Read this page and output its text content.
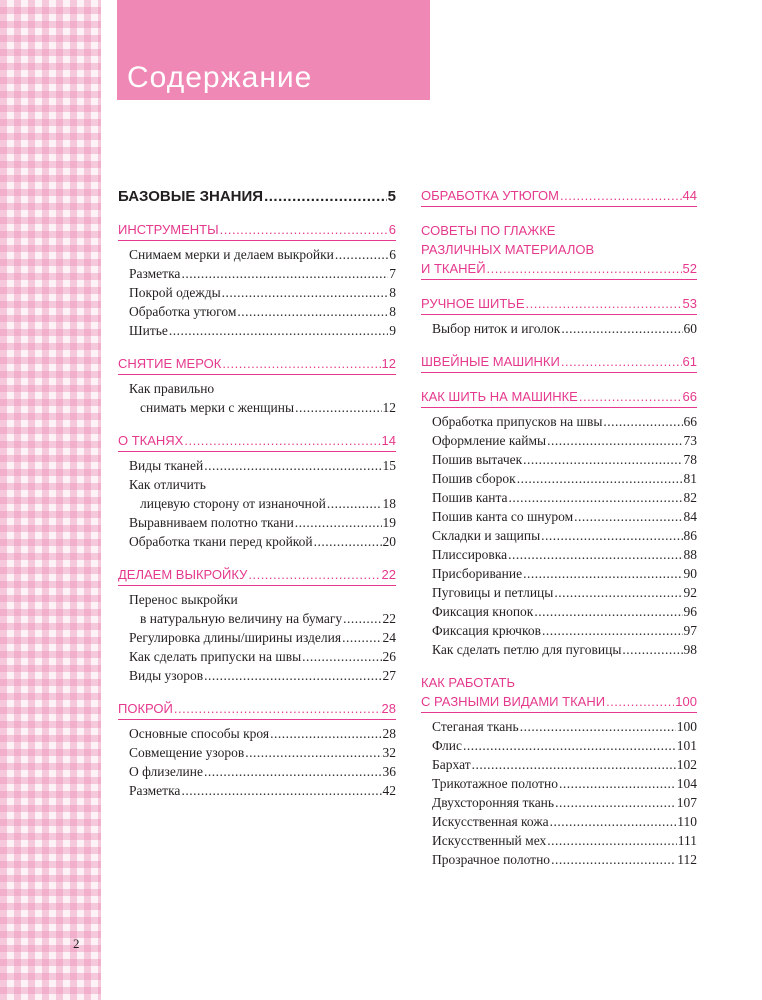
Содержание
БАЗОВЫЕ ЗНАНИЯ .....	5
ИНСТРУМЕНТЫ .....	6
Снимаем мерки и делаем выкройки .....	6
Разметка .....	7
Покрой одежды .....	8
Обработка утюгом .....	8
Шитье .....	9
СНЯТИЕ МЕРОК .....	12
Как правильно
снимать мерки с женщины .....	12
О ТКАНЯХ .....	14
Виды тканей .....	15
Как отличить
лицевую сторону от изнаночной .....	18
Выравниваем полотно ткани .....	19
Обработка ткани перед кройкой .....	20
ДЕЛАЕМ ВЫКРОЙКУ .....	22
Перенос выкройки
в натуральную величину на бумагу .....	22
Регулировка длины/ширины изделия .....	24
Как сделать припуски на швы .....	26
Виды узоров .....	27
ПОКРОЙ .....	28
Основные способы кроя .....	28
Совмещение узоров .....	32
О флизелине .....	36
Разметка .....	42
ОБРАБОТКА УТЮГОМ .....	44
СОВЕТЫ ПО ГЛАЖКЕ
РАЗЛИЧНЫХ МАТЕРИАЛОВ
И ТКАНЕЙ .....	52
РУЧНОЕ ШИТЬЕ .....	53
Выбор ниток и иголок .....	60
ШВЕЙНЫЕ МАШИНКИ .....	61
КАК ШИТЬ НА МАШИНКЕ .....	66
Обработка припусков на швы .....	66
Оформление каймы .....	73
Пошив вытачек .....	78
Пошив сборок .....	81
Пошив канта .....	82
Пошив канта со шнуром .....	84
Складки и защипы .....	86
Плиссировка .....	88
Присборивание .....	90
Пуговицы и петлицы .....	92
Фиксация кнопок .....	96
Фиксация крючков .....	97
Как сделать петлю для пуговицы .....	98
КАК РАБОТАТЬ
С РАЗНЫМИ ВИДАМИ ТКАНИ .....	100
Стеганая ткань .....	100
Флис .....	101
Бархат .....	102
Трикотажное полотно .....	104
Двухсторонняя ткань .....	107
Искусственная кожа .....	110
Искусственный мех .....	111
Прозрачное полотно .....	112
2
